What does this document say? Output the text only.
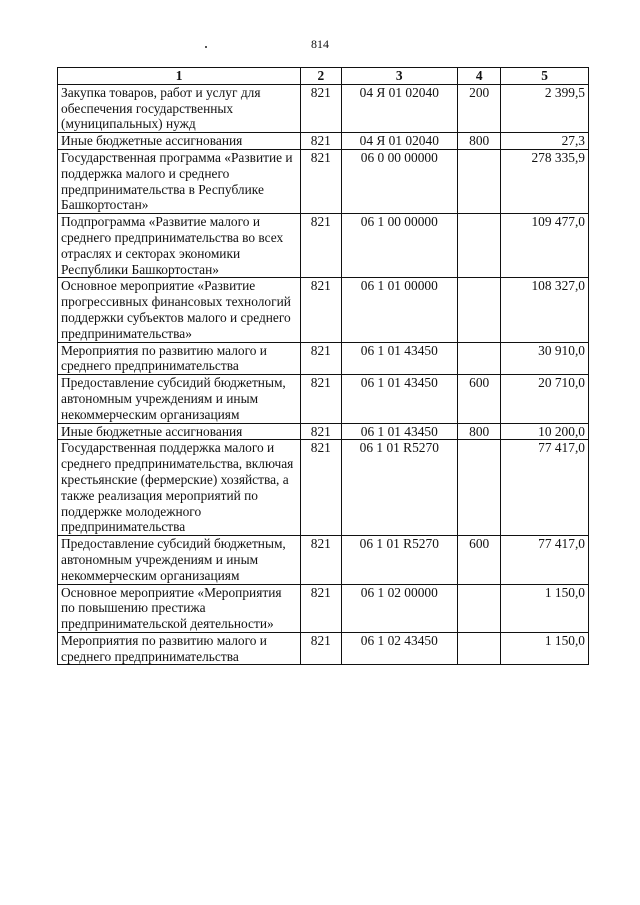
814
1	2	3	4	5
Закупка товаров, работ и услуг для обеспечения государственных (муниципальных) нужд	821	04 Я 01 02040	200	2 399,5
Иные бюджетные ассигнования	821	04 Я 01 02040	800	27,3
Государственная программа «Развитие и поддержка малого и среднего предпринимательства в Республике Башкортостан»	821	06 0 00 00000		278 335,9
Подпрограмма «Развитие малого и среднего предпринимательства во всех отраслях и секторах экономики Республики Башкортостан»	821	06 1 00 00000		109 477,0
Основное мероприятие «Развитие прогрессивных финансовых технологий поддержки субъектов малого и среднего предпринимательства»	821	06 1 01 00000		108 327,0
Мероприятия по развитию малого и среднего предпринимательства	821	06 1 01 43450		30 910,0
Предоставление субсидий бюджетным, автономным учреждениям и иным некоммерческим организациям	821	06 1 01 43450	600	20 710,0
Иные бюджетные ассигнования	821	06 1 01 43450	800	10 200,0
Государственная поддержка малого и среднего предпринимательства, включая крестьянские (фермерские) хозяйства, а также реализация мероприятий по поддержке молодежного предпринимательства	821	06 1 01 R5270		77 417,0
Предоставление субсидий бюджетным, автономным учреждениям и иным некоммерческим организациям	821	06 1 01 R5270	600	77 417,0
Основное мероприятие «Мероприятия по повышению престижа предпринимательской деятельности»	821	06 1 02 00000		1 150,0
Мероприятия по развитию малого и среднего предпринимательства	821	06 1 02 43450		1 150,0
